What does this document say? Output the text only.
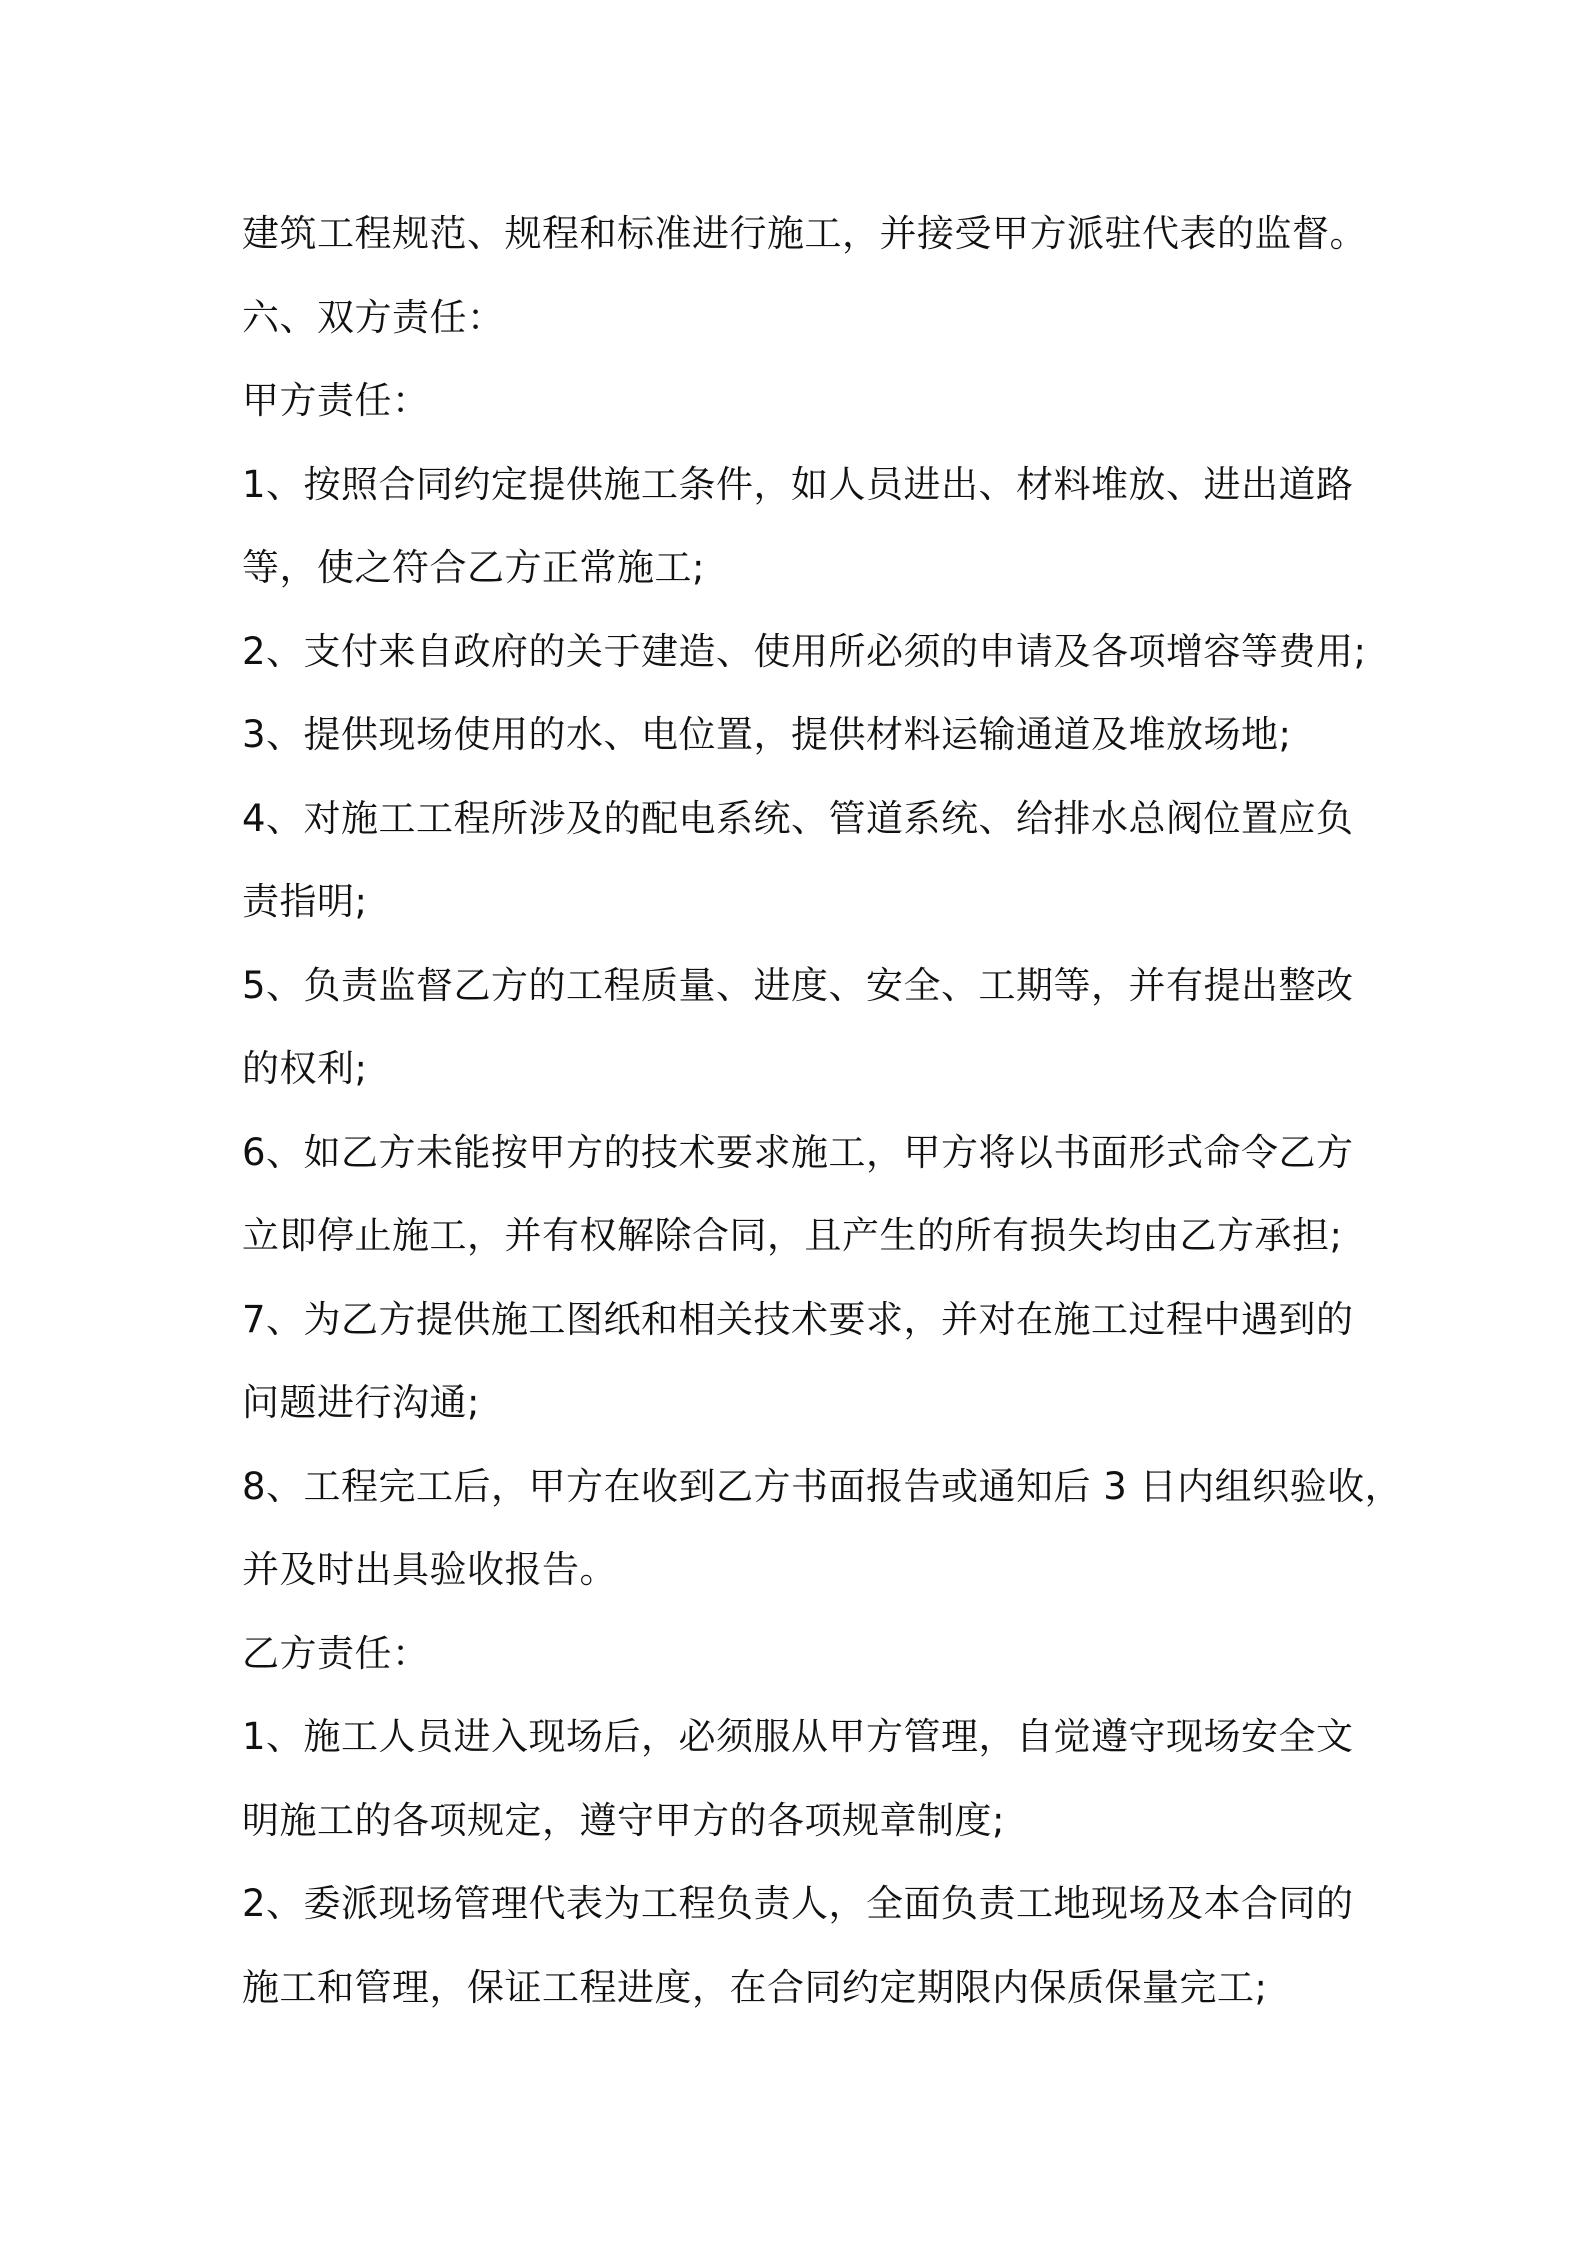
建筑工程规范、规程和标准进行施工，并接受甲方派驻代表的监督。
六、双方责任：
甲方责任：
1、按照合同约定提供施工条件，如人员进出、材料堆放、进出道路
等，使之符合乙方正常施工;
2、支付来自政府的关于建造、使用所必须的申请及各项增容等费用;
3、提供现场使用的水、电位置，提供材料运输通道及堆放场地;
4、对施工工程所涉及的配电系统、管道系统、给排水总阀位置应负
责指明;
5、负责监督乙方的工程质量、进度、安全、工期等，并有提出整改
的权利;
6、如乙方未能按甲方的技术要求施工，甲方将以书面形式命令乙方
立即停止施工，并有权解除合同，且产生的所有损失均由乙方承担;
7、为乙方提供施工图纸和相关技术要求，并对在施工过程中遇到的
问题进行沟通;
8、工程完工后，甲方在收到乙方书面报告或通知后 3 日内组织验收，
并及时出具验收报告。
乙方责任：
1、施工人员进入现场后，必须服从甲方管理，自觉遵守现场安全文
明施工的各项规定，遵守甲方的各项规章制度;
2、委派现场管理代表为工程负责人，全面负责工地现场及本合同的
施工和管理，保证工程进度，在合同约定期限内保质保量完工;
